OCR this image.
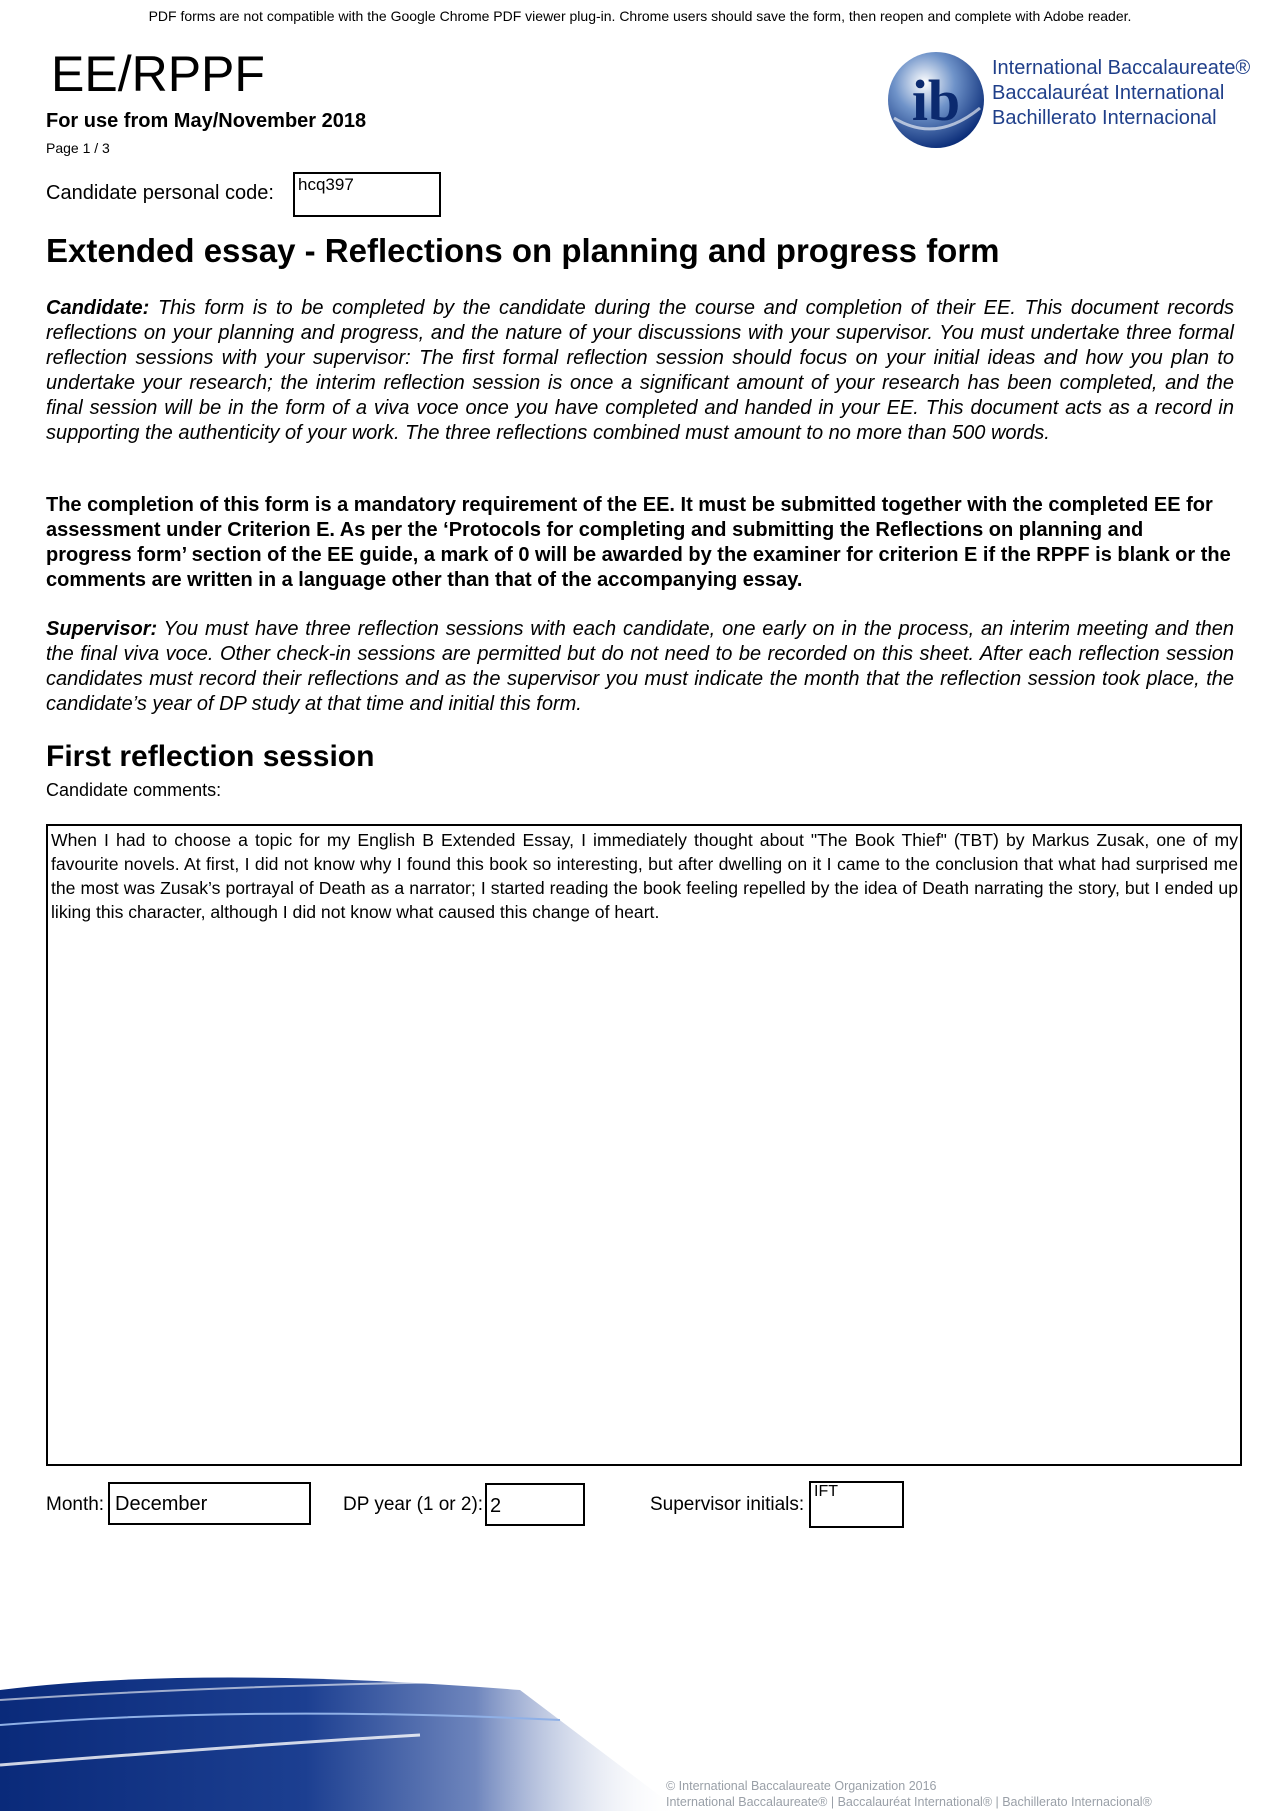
PDF forms are not compatible with the Google Chrome PDF viewer plug-in. Chrome users should save the form, then reopen and complete with Adobe reader.
EE/RPPF
For use from May/November 2018
Page 1 / 3
ib International Baccalaureate®
Baccalauréat International
Bachillerato Internacional
Candidate personal code: hcq397
Extended essay - Reflections on planning and progress form
Candidate: This form is to be completed by the candidate during the course and completion of their EE. This document records reflections on your planning and progress, and the nature of your discussions with your supervisor. You must undertake three formal reflection sessions with your supervisor: The first formal reflection session should focus on your initial ideas and how you plan to undertake your research; the interim reflection session is once a significant amount of your research has been completed, and the final session will be in the form of a viva voce once you have completed and handed in your EE. This document acts as a record in supporting the authenticity of your work. The three reflections combined must amount to no more than 500 words.
The completion of this form is a mandatory requirement of the EE. It must be submitted together with the completed EE for assessment under Criterion E. As per the ‘Protocols for completing and submitting the Reflections on planning and progress form’ section of the EE guide, a mark of 0 will be awarded by the examiner for criterion E if the RPPF is blank or the comments are written in a language other than that of the accompanying essay.
Supervisor: You must have three reflection sessions with each candidate, one early on in the process, an interim meeting and then the final viva voce. Other check-in sessions are permitted but do not need to be recorded on this sheet. After each reflection session candidates must record their reflections and as the supervisor you must indicate the month that the reflection session took place, the candidate’s year of DP study at that time and initial this form.
First reflection session
Candidate comments:
When I had to choose a topic for my English B Extended Essay, I immediately thought about "The Book Thief" (TBT) by Markus Zusak, one of my favourite novels. At first, I did not know why I found this book so interesting, but after dwelling on it I came to the conclusion that what had surprised me the most was Zusak’s portrayal of Death as a narrator; I started reading the book feeling repelled by the idea of Death narrating the story, but I ended up liking this character, although I did not know what caused this change of heart.
Month: December	DP year (1 or 2): 2	Supervisor initials:
IFT
© International Baccalaureate Organization 2016
International Baccalaureate® | Baccalauréat International® | Bachillerato Internacional®
